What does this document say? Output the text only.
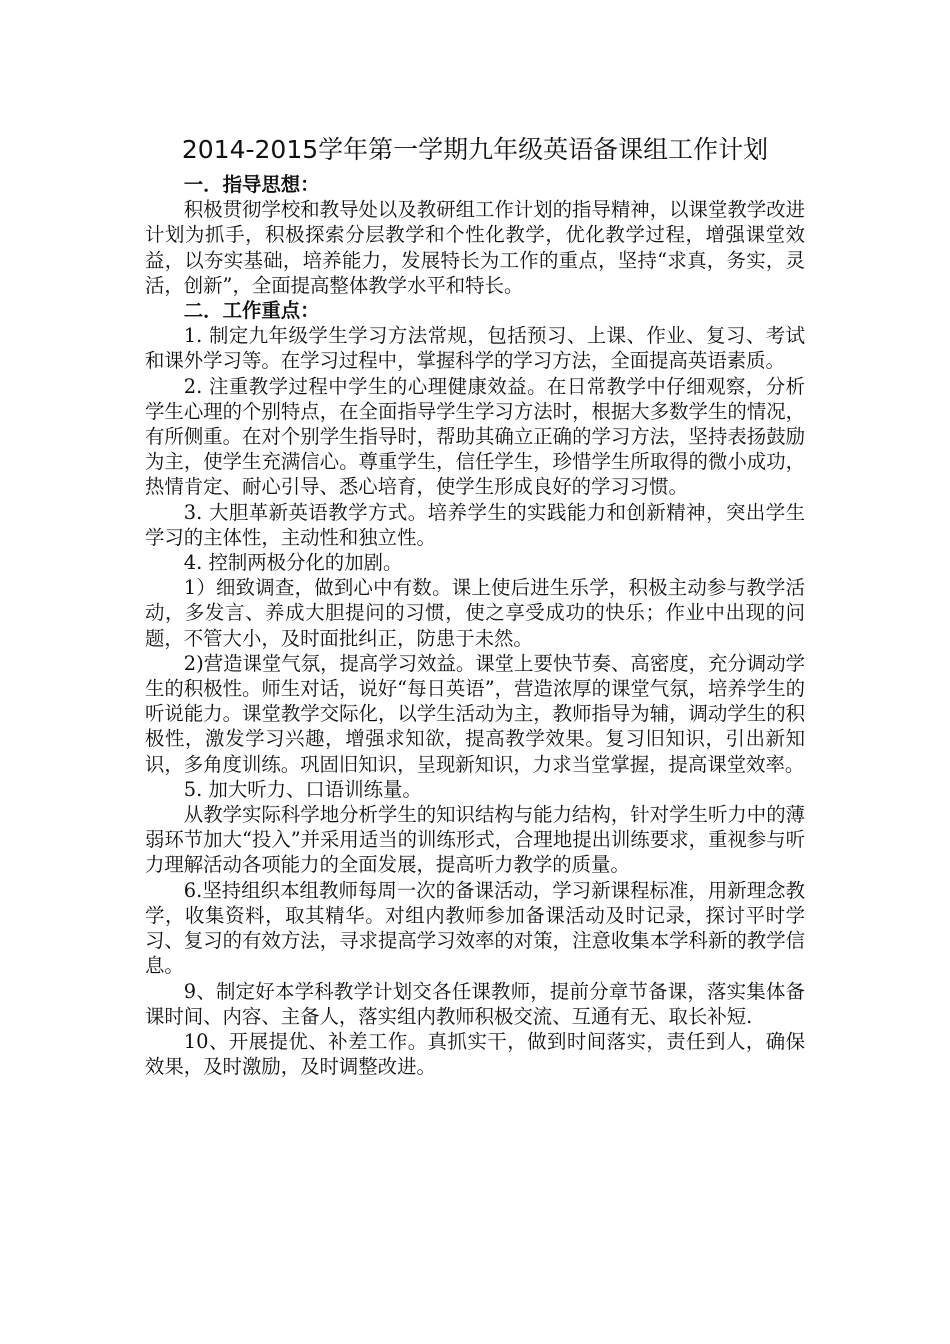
2014-2015学年第一学期九年级英语备课组工作计划

一．指导思想：

积极贯彻学校和教导处以及教研组工作计划的指导精神，以课堂教学改进计划为抓手，积极探索分层教学和个性化教学，优化教学过程，增强课堂效益，以夯实基础，培养能力，发展特长为工作的重点，坚持“求真，务实，灵活，创新”，全面提高整体教学水平和特长。

二．工作重点：

1. 制定九年级学生学习方法常规，包括预习、上课、作业、复习、考试和课外学习等。在学习过程中，掌握科学的学习方法，全面提高英语素质。

2. 注重教学过程中学生的心理健康效益。在日常教学中仔细观察，分析学生心理的个别特点，在全面指导学生学习方法时，根据大多数学生的情况，有所侧重。在对个别学生指导时，帮助其确立正确的学习方法，坚持表扬鼓励为主，使学生充满信心。尊重学生，信任学生，珍惜学生所取得的微小成功，热情肯定、耐心引导、悉心培育，使学生形成良好的学习习惯。

3. 大胆革新英语教学方式。培养学生的实践能力和创新精神，突出学生学习的主体性，主动性和独立性。

4. 控制两极分化的加剧。

1）细致调查，做到心中有数。课上使后进生乐学，积极主动参与教学活动，多发言、养成大胆提问的习惯，使之享受成功的快乐；作业中出现的问题，不管大小，及时面批纠正，防患于未然。

2)营造课堂气氛，提高学习效益。课堂上要快节奏、高密度，充分调动学生的积极性。师生对话，说好“每日英语”，营造浓厚的课堂气氛，培养学生的听说能力。课堂教学交际化，以学生活动为主，教师指导为辅，调动学生的积极性，激发学习兴趣，增强求知欲，提高教学效果。复习旧知识，引出新知识，多角度训练。巩固旧知识，呈现新知识，力求当堂掌握，提高课堂效率。

5. 加大听力、口语训练量。

从教学实际科学地分析学生的知识结构与能力结构，针对学生听力中的薄弱环节加大“投入”并采用适当的训练形式，合理地提出训练要求，重视参与听力理解活动各项能力的全面发展，提高听力教学的质量。

6.坚持组织本组教师每周一次的备课活动，学习新课程标准，用新理念教学，收集资料，取其精华。对组内教师参加备课活动及时记录，探讨平时学习、复习的有效方法，寻求提高学习效率的对策，注意收集本学科新的教学信息。

9、制定好本学科教学计划交各任课教师，提前分章节备课，落实集体备课时间、内容、主备人，落实组内教师积极交流、互通有无、取长补短.

10、开展提优、补差工作。真抓实干，做到时间落实，责任到人，确保效果，及时激励，及时调整改进。
